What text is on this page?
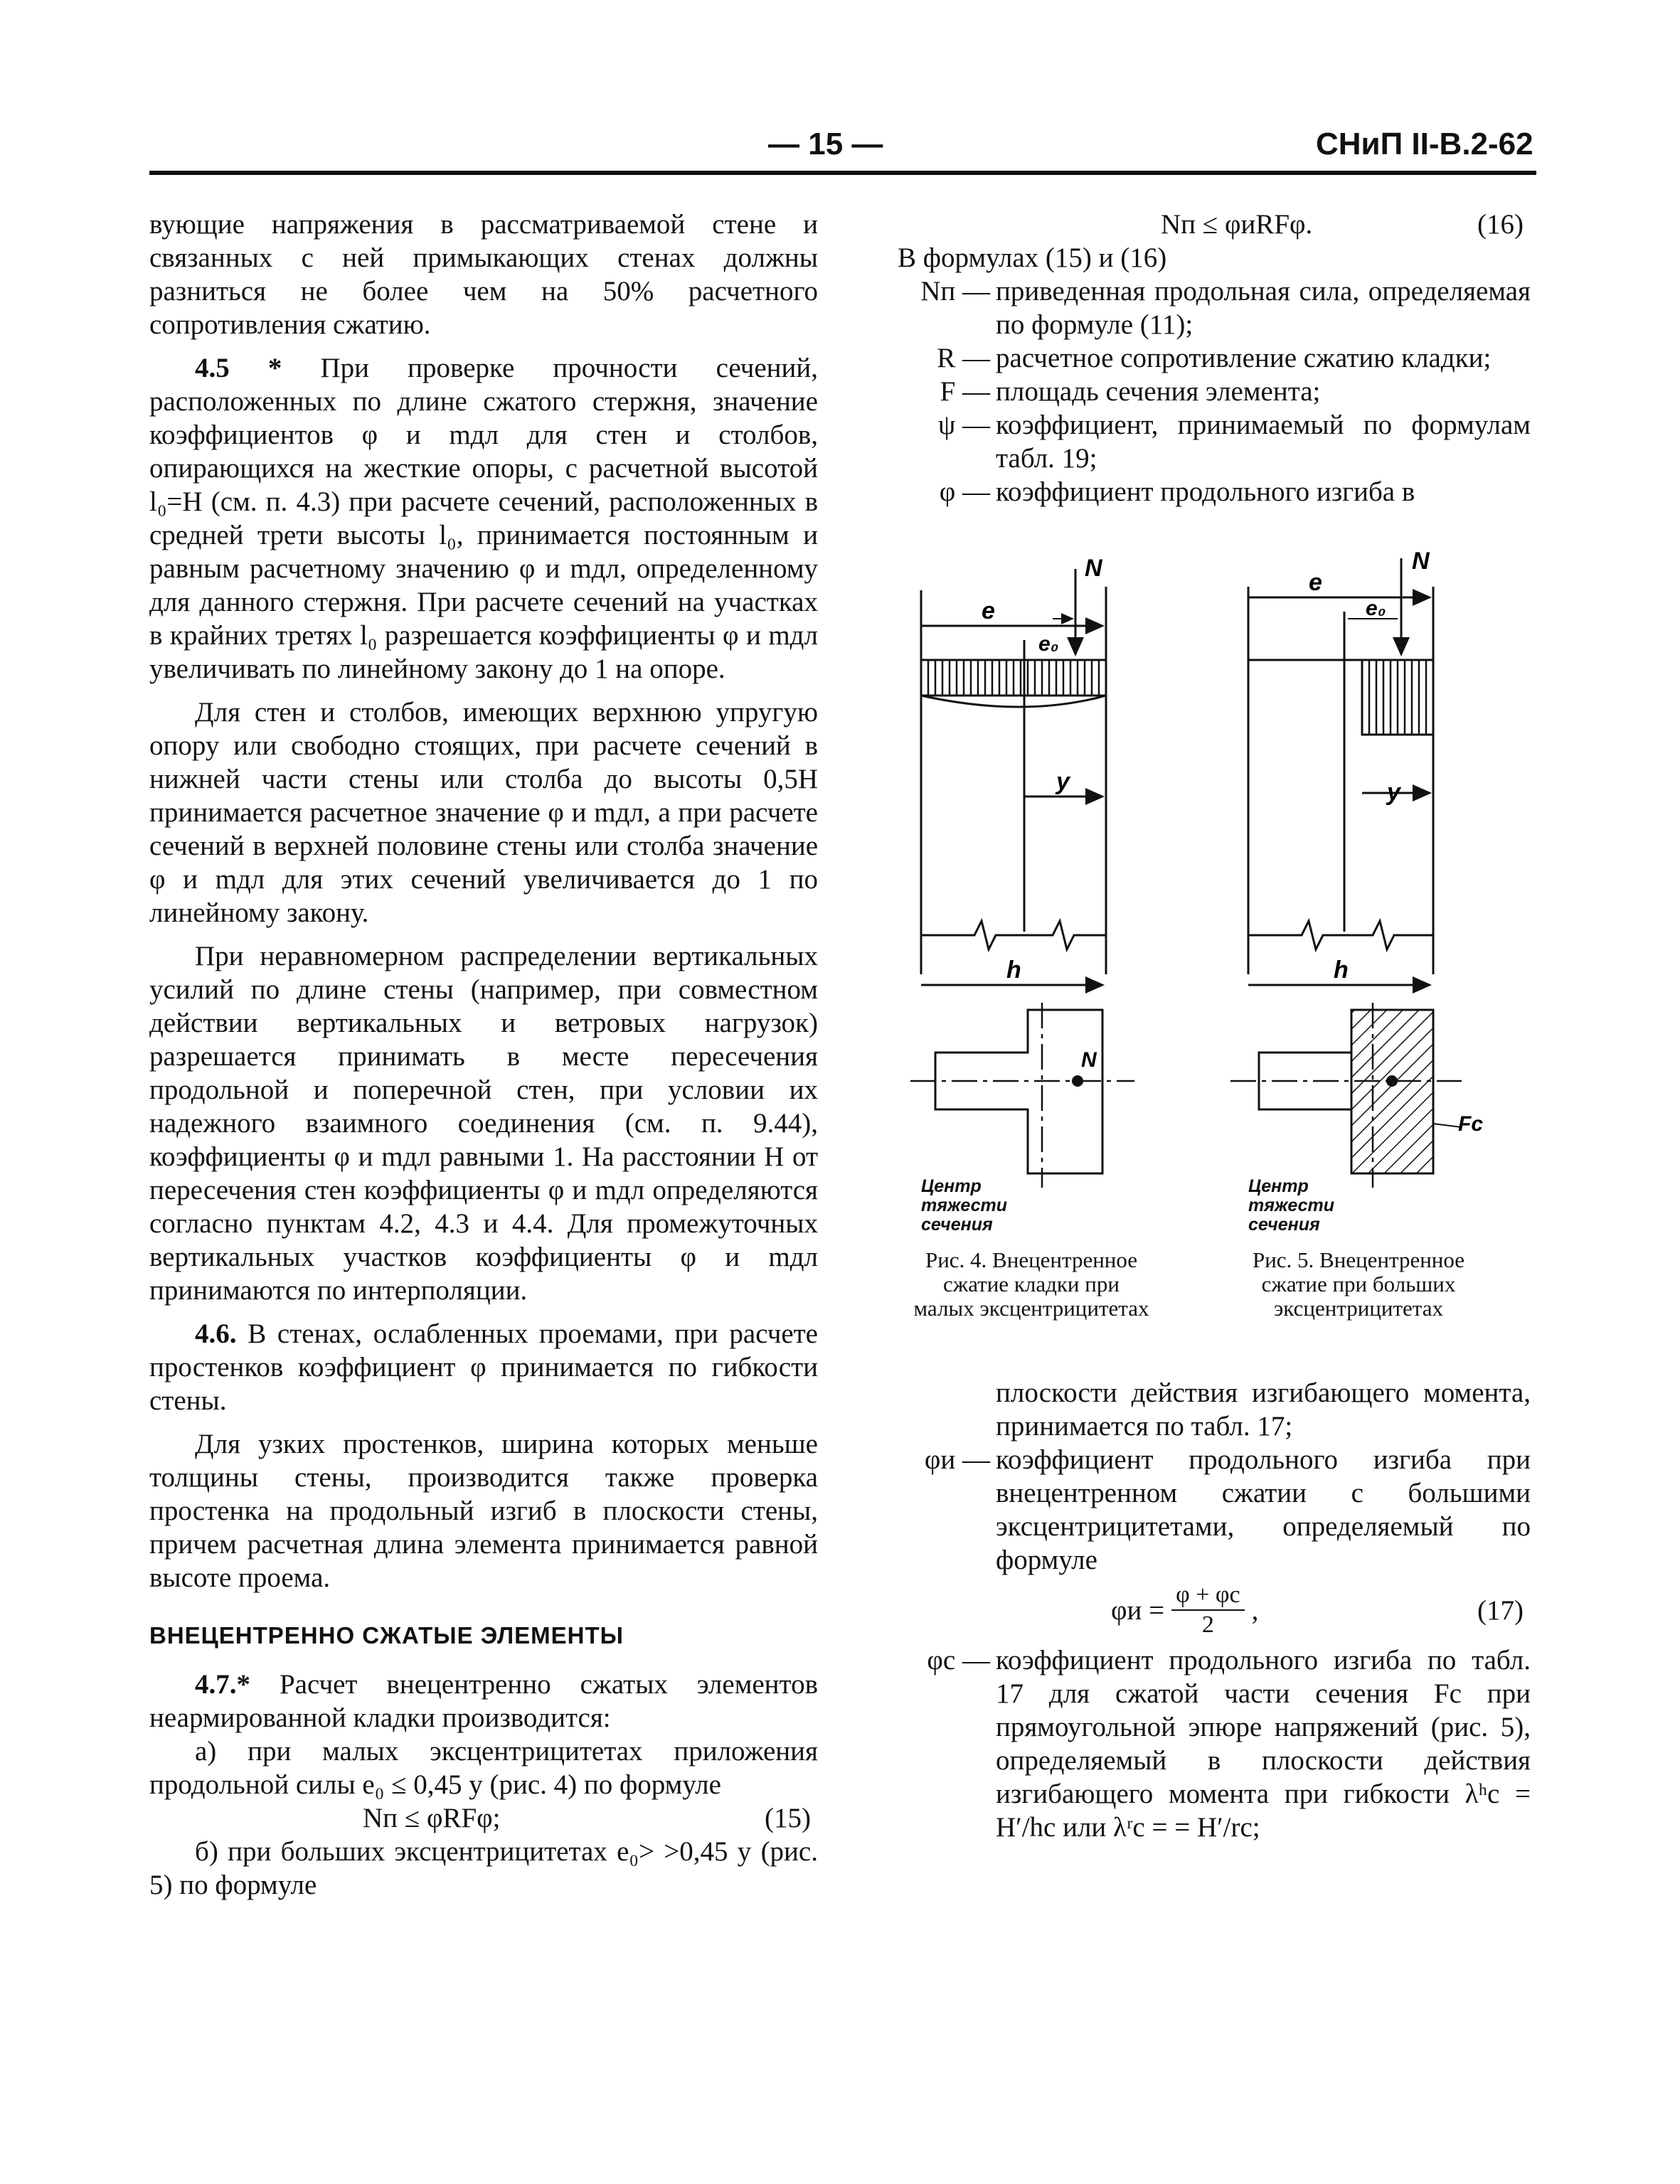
— 15 —	СНиП II-В.2-62

вующие напряжения в рассматриваемой стене и связанных с ней примыкающих стенах должны разниться не более чем на 50% расчетного сопротивления сжатию.

4.5 * При проверке прочности сечений, расположенных по длине сжатого стержня, значение коэффициентов φ и mдл для стен и столбов, опирающихся на жесткие опоры, с расчетной высотой l₀=H (см. п. 4.3) при расчете сечений, расположенных в средней трети высоты l₀, принимается постоянным и равным расчетному значению φ и mдл, определенному для данного стержня. При расчете сечений на участках в крайних третях l₀ разрешается коэффициенты φ и mдл увеличивать по линейному закону до 1 на опоре.

Для стен и столбов, имеющих верхнюю упругую опору или свободно стоящих, при расчете сечений в нижней части стены или столба до высоты 0,5H принимается расчетное значение φ и mдл, а при расчете сечений в верхней половине стены или столба значение φ и mдл для этих сечений увеличивается до 1 по линейному закону.

При неравномерном распределении вертикальных усилий по длине стены (например, при совместном действии вертикальных и ветровых нагрузок) разрешается принимать в месте пересечения продольной и поперечной стен, при условии их надежного взаимного соединения (см. п. 9.44), коэффициенты φ и mдл равными 1. На расстоянии H от пересечения стен коэффициенты φ и mдл определяются согласно пунктам 4.2, 4.3 и 4.4. Для промежуточных вертикальных участков коэффициенты φ и mдл принимаются по интерполяции.

4.6. В стенах, ослабленных проемами, при расчете простенков коэффициент φ принимается по гибкости стены.

Для узких простенков, ширина которых меньше толщины стены, производится также проверка простенка на продольный изгиб в плоскости стены, причем расчетная длина элемента принимается равной высоте проема.

ВНЕЦЕНТРЕННО СЖАТЫЕ ЭЛЕМЕНТЫ

4.7.* Расчет внецентренно сжатых элементов неармированной кладки производится:

а) при малых эксцентрицитетах приложения продольной силы e₀ ≤ 0,45 y (рис. 4) по формуле

Nп ≤ φRFφ;	(15)

б) при больших эксцентрицитетах e₀> >0,45 y (рис. 5) по формуле

Nп ≤ φиRFφ.	(16)

В формулах (15) и (16)

Nп — приведенная продольная сила, определяемая по формуле (11);
R — расчетное сопротивление сжатию кладки;
F — площадь сечения элемента;
ψ — коэффициент, принимаемый по формулам табл. 19;
φ — коэффициент продольного изгиба в
e
e₀
N
y
h
e
e₀
N
y
h
N
Fc
Центр тяжести сечения
Центр тяжести сечения
Рис. 4. Внецентренное сжатие кладки при малых эксцентрицитетах
Рис. 5. Внецентренное сжатие при больших эксцентрицитетах
плоскости действия изгибающего момента, принимается по табл. 17;
φи — коэффициент продольного изгиба при внецентренном сжатии с большими эксцентрицитетами, определяемый по формуле
φи = φ + φс
2 ,	(17)
φс — коэффициент продольного изгиба по табл. 17 для сжатой части сечения Fс при прямоугольной эпюре напряжений (рис. 5), определяемый в плоскости действия изгибающего момента при гибкости λʰс = H′/hс или λʳс = = H′/rс;
